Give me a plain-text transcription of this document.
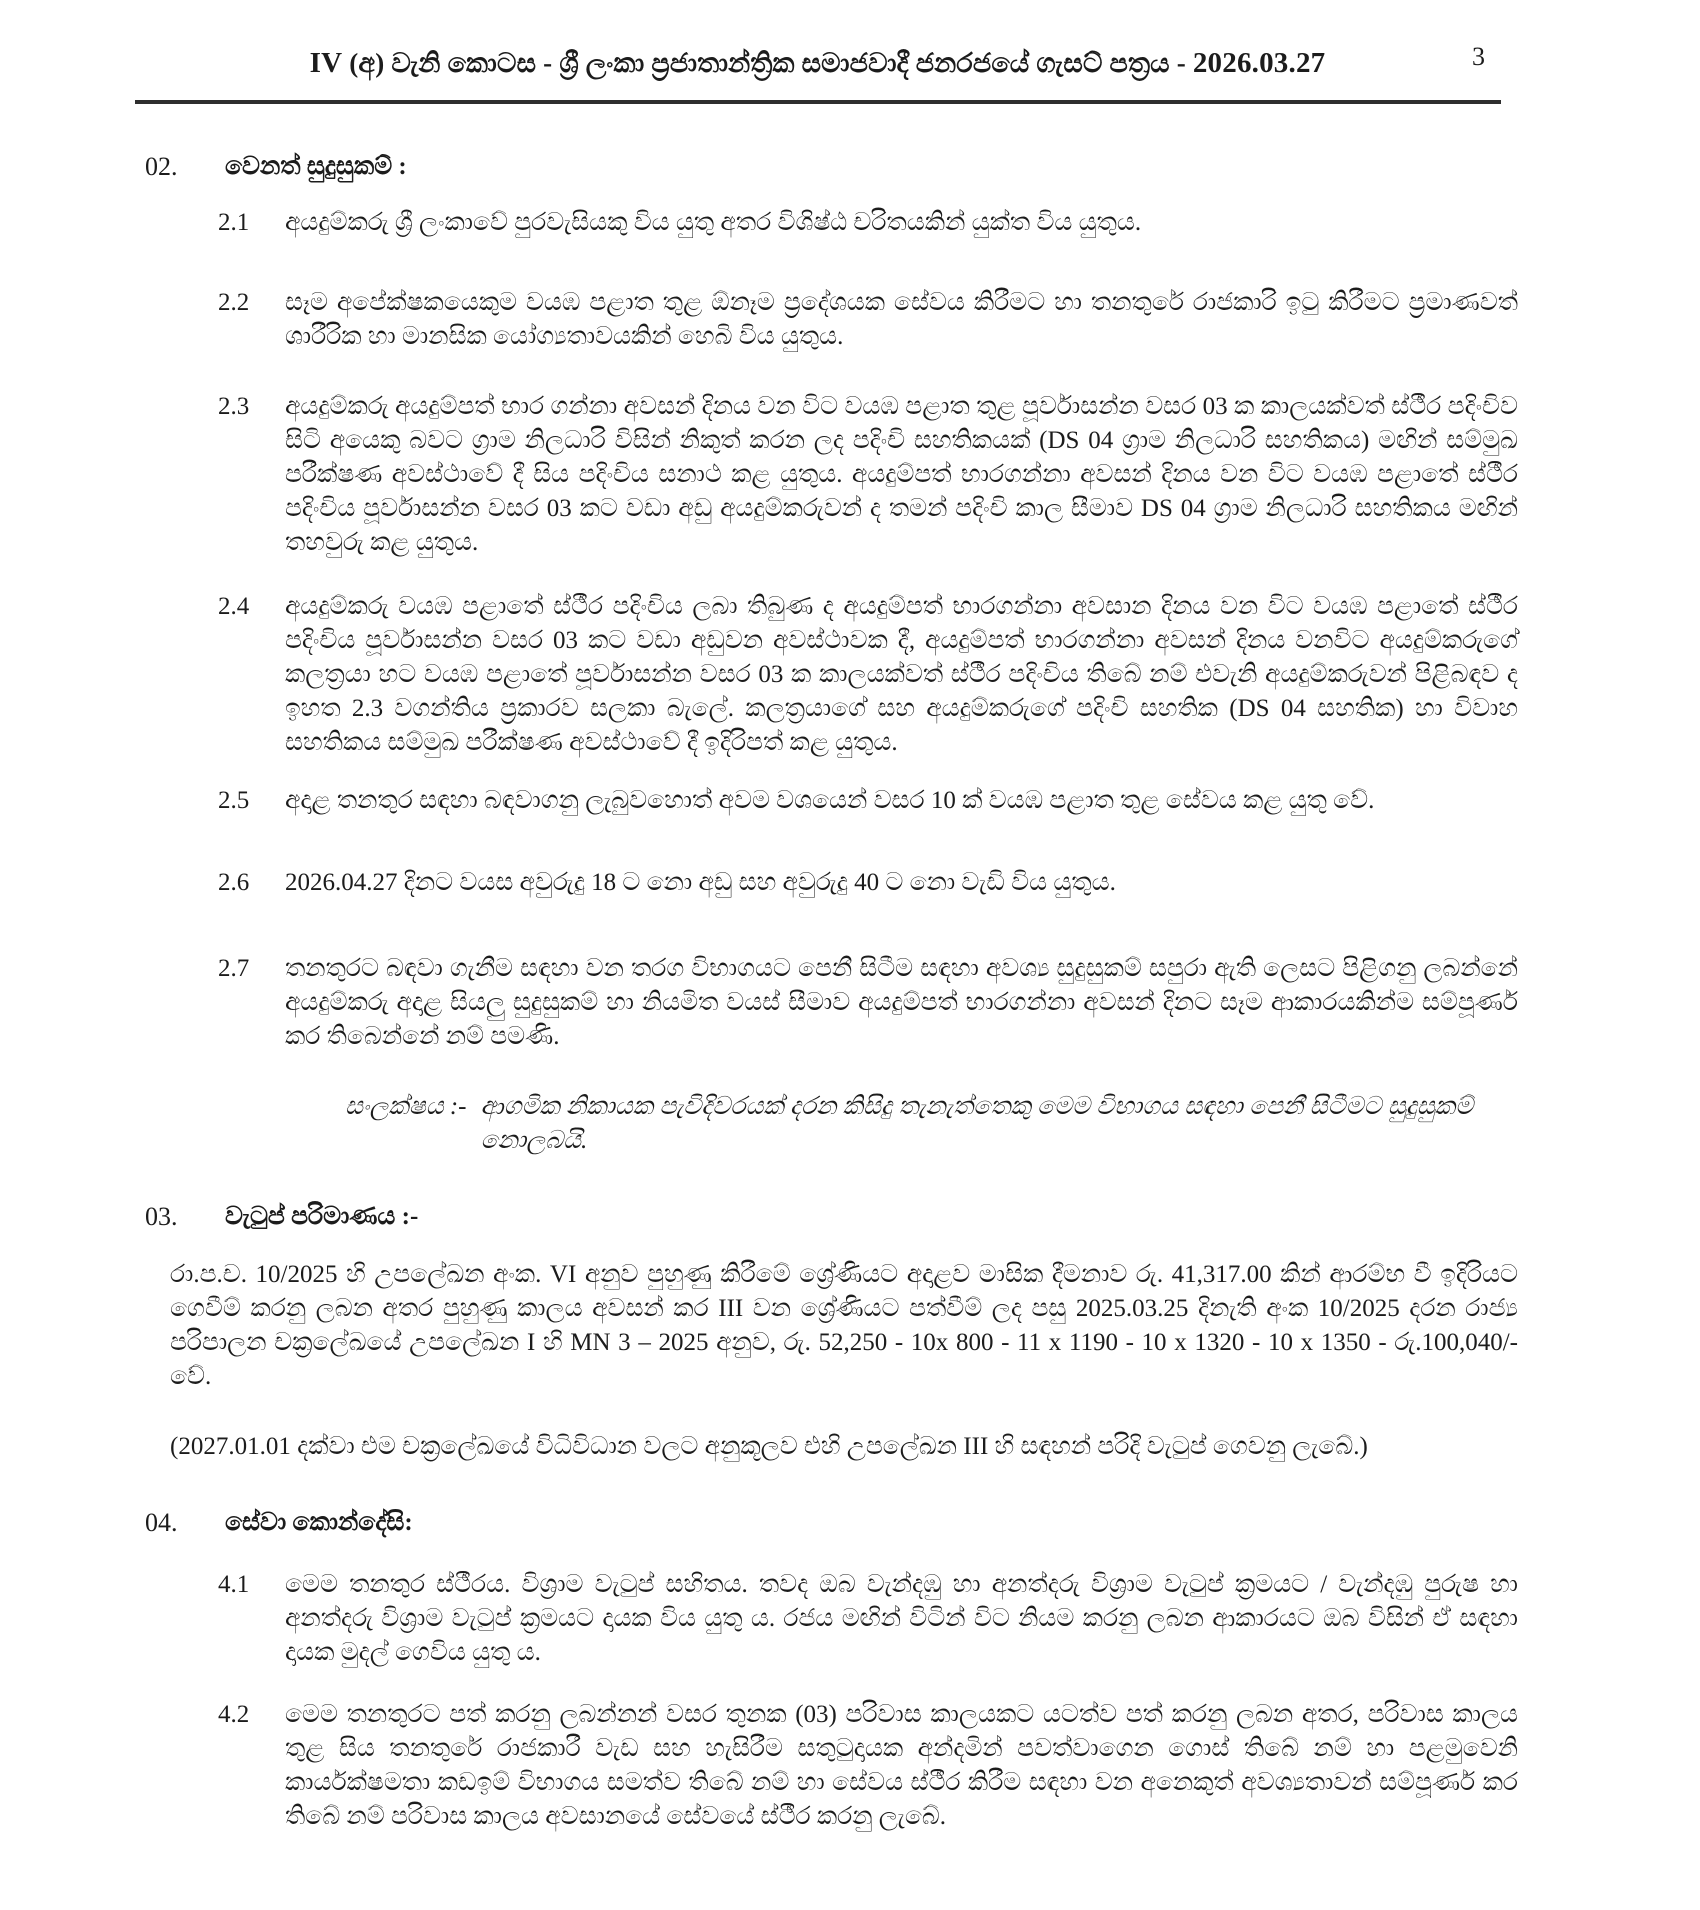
3
IV (අ) වැනි කොටස - ශ්‍රී ලංකා ප්‍රජාතාන්ත්‍රික සමාජවාදී ජනරජයේ ගැසට් පත්‍රය - 2026.03.27
02.	වෙනත් සුදුසුකම් :
2.1	අයදුම්කරු ශ්‍රී ලංකාවේ පුරවැසියකු විය යුතු අතර විශිෂ්ඨ චරිතයකින් යුක්ත විය යුතුය.

2.2	සෑම අපේක්ෂකයෙකුම වයඹ පළාත තුළ ඕනෑම ප්‍රදේශයක සේවය කිරීමට හා තනතුරේ රාජකාරි ඉටු කිරීමට ප්‍රමාණවත් ශාරීරික හා මානසික යෝග්‍යතාවයකින් හෙබි විය යුතුය.

2.3	අයදුම්කරු අයදුම්පත් භාර ගන්නා අවසන් දිනය වන විට වයඹ පළාත තුළ පූර්වාසන්න වසර 03 ක කාලයක්වත් ස්ථීර පදිංචිව සිටි අයෙකු බවට ග්‍රාම නිලධාරි විසින් නිකුත් කරන ලද පදිංචි සහතිකයක් (DS 04 ග්‍රාම නිලධාරි සහතිකය) මඟින් සම්මුඛ පරීක්ෂණ අවස්ථාවේ දී සිය පදිංචිය සනාථ කළ යුතුය. අයදුම්පත් භාරගන්නා අවසන් දිනය වන විට වයඹ පළාතේ ස්ථීර පදිංචිය පූර්වාසන්න වසර 03 කට වඩා අඩු අයදුම්කරුවන් ද තමන් පදිංචි කාල සීමාව DS 04 ග්‍රාම නිලධාරි සහතිකය මඟින් තහවුරු කළ යුතුය.

2.4	අයදුම්කරු වයඹ පළාතේ ස්ථීර පදිංචිය ලබා තිබුණ ද අයදුම්පත් භාරගන්නා අවසාන දිනය වන විට වයඹ පළාතේ ස්ථීර පදිංචිය පූර්වාසන්න වසර 03 කට වඩා අඩුවන අවස්ථාවක දී, අයදුම්පත් භාරගන්නා අවසන් දිනය වනවිට අයදුම්කරුගේ කලත්‍රයා හට වයඹ පළාතේ පූර්වාසන්න වසර 03 ක කාලයක්වත් ස්ථීර පදිංචිය තිබේ නම් එවැනි අයදුම්කරුවන් පිළිබඳව ද ඉහත 2.3 වගන්තිය ප්‍රකාරව සලකා බැලේ. කලත්‍රයාගේ සහ අයදුම්කරුගේ පදිංචි සහතික (DS 04 සහතික) හා විවාහ සහතිකය සම්මුඛ පරීක්ෂණ අවස්ථාවේ දී ඉදිරිපත් කළ යුතුය.

2.5	අදාළ තනතුර සඳහා බඳවාගනු ලැබුවහොත් අවම වශයෙන් වසර 10 ක් වයඹ පළාත තුළ සේවය කළ යුතු වේ.

2.6	2026.04.27 දිනට වයස අවුරුදු 18 ට නො අඩු සහ අවුරුදු 40 ට නො වැඩි විය යුතුය.

2.7	තනතුරට බඳවා ගැනීම සඳහා වන තරග විභාගයට පෙනී සිටීම සඳහා අවශ්‍ය සුදුසුකම් සපුරා ඇති ලෙසට පිළිගනු ලබන්නේ අයදුම්කරු අදාළ සියලු සුදුසුකම් හා නියමිත වයස් සීමාව අයදුම්පත් භාරගන්නා අවසන් දිනට සෑම ආකාරයකින්ම සම්පූර්ණ කර තිබෙන්නේ නම් පමණි.

සංලක්ෂය :- ආගමික නිකායක පැවිදිවරයක් දරන කිසිදු තැනැත්තෙකු මෙම විභාගය සඳහා පෙනී සිටීමට සුදුසුකම් නොලබයි.

03.	වැටුප් පරිමාණය :-

රා.ප.ච. 10/2025 හි උපලේඛන අංක. VI අනුව පුහුණු කිරීමේ ශ්‍රේණියට අදාළව මාසික දීමනාව රු. 41,317.00 කින් ආරම්භ වී ඉදිරියට ගෙවීම් කරනු ලබන අතර පුහුණු කාලය අවසන් කර III වන ශ්‍රේණියට පත්වීම් ලද පසු 2025.03.25 දිනැති අංක 10/2025 දරන රාජ්‍ය පරිපාලන චක්‍රලේඛයේ උපලේඛන I හි MN 3 – 2025 අනුව, රු. 52,250 - 10x 800 - 11 x 1190 - 10 x 1320 - 10 x 1350 - රු.100,040/- වේ.

(2027.01.01 දක්වා එම චක්‍රලේඛයේ විධිවිධාන වලට අනුකූලව එහි උපලේඛන III හි සඳහන් පරිදි වැටුප් ගෙවනු ලැබේ.)

04.	සේවා කොන්දේසි:
4.1	මෙම තනතුර ස්ථීරය. විශ්‍රාම වැටුප් සහිතය. තවද ඔබ වැන්දඹු හා අනත්දරු විශ්‍රාම වැටුප් ක්‍රමයට / වැන්දඹු පුරුෂ හා අනත්දරු විශ්‍රාම වැටුප් ක්‍රමයට දායක විය යුතු ය. රජය මඟින් විටින් විට නියම කරනු ලබන ආකාරයට ඔබ විසින් ඒ සඳහා දායක මුදල් ගෙවිය යුතු ය.

4.2	මෙම තනතුරට පත් කරනු ලබන්නන් වසර තුනක (03) පරිවාස කාලයකට යටත්ව පත් කරනු ලබන අතර, පරිවාස කාලය තුළ සිය තනතුරේ රාජකාරී වැඩ සහ හැසිරීම සතුටුදායක අන්දමින් පවත්වාගෙන ගොස් තිබේ නම් හා පළමුවෙනි කාර්යක්ෂමතා කඩඉම් විභාගය සමත්ව තිබේ නම් හා සේවය ස්ථීර කිරීම සඳහා වන අනෙකුත් අවශ්‍යතාවන් සම්පූර්ණ කර තිබේ නම් පරිවාස කාලය අවසානයේ සේවයේ ස්ථීර කරනු ලැබේ.
